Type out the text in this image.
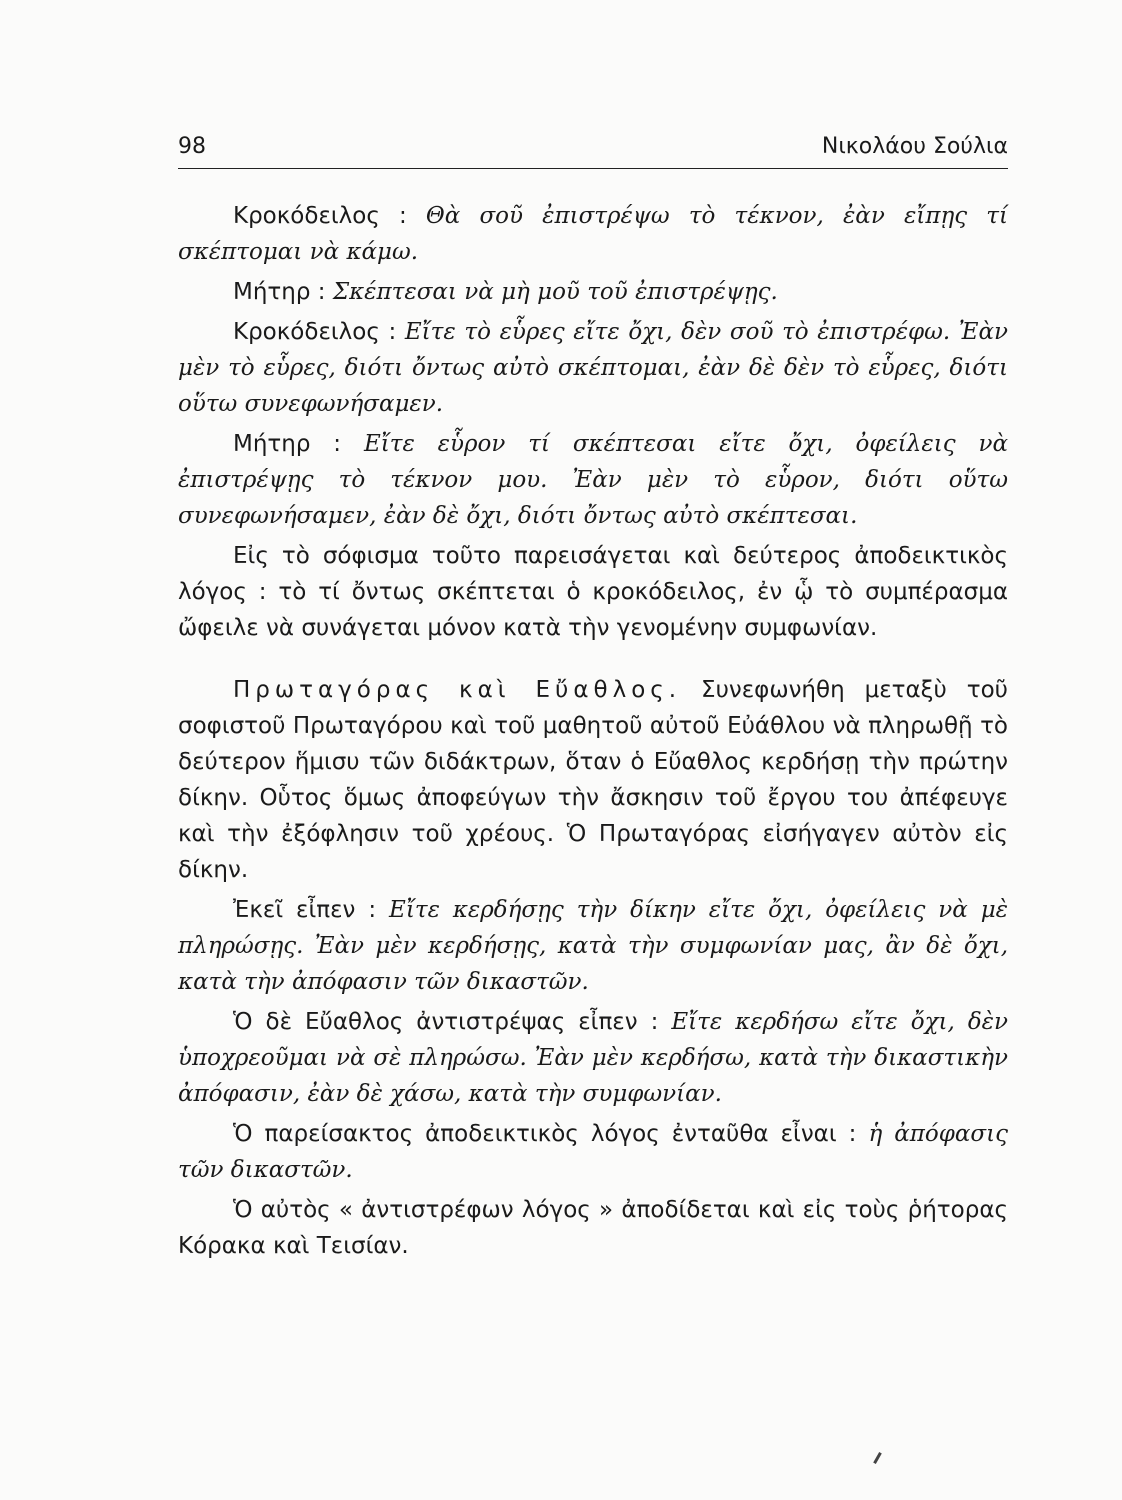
98	Νικολάου Σούλια

Κροκόδειλος : Θὰ σοῦ ἐπιστρέψω τὸ τέκνον, ἐὰν εἴπῃς τί σκέπτομαι νὰ κάμω.

Μήτηρ : Σκέπτεσαι νὰ μὴ μοῦ τοῦ ἐπιστρέψῃς.

Κροκόδειλος : Εἴτε τὸ εὗρες εἴτε ὄχι, δὲν σοῦ τὸ ἐπιστρέφω. Ἐὰν μὲν τὸ εὗρες, διότι ὄντως αὐτὸ σκέπτομαι, ἐὰν δὲ δὲν τὸ εὗρες, διότι οὕτω συνεφωνήσαμεν.

Μήτηρ : Εἴτε εὗρον τί σκέπτεσαι εἴτε ὄχι, ὀφείλεις νὰ ἐπιστρέψῃς τὸ τέκνον μου. Ἐὰν μὲν τὸ εὗρον, διότι οὕτω συνεφωνήσαμεν, ἐὰν δὲ ὄχι, διότι ὄντως αὐτὸ σκέπτεσαι.

Εἰς τὸ σόφισμα τοῦτο παρεισάγεται καὶ δεύτερος ἀποδεικτικὸς λόγος : τὸ τί ὄντως σκέπτεται ὁ κροκόδειλος, ἐν ᾧ τὸ συμπέρασμα ὤφειλε νὰ συνάγεται μόνον κατὰ τὴν γενομένην συμφωνίαν.

Πρωταγόρας καὶ Εὔαθλος. Συνεφωνήθη μεταξὺ τοῦ σοφιστοῦ Πρωταγόρου καὶ τοῦ μαθητοῦ αὐτοῦ Εὐάθλου νὰ πληρωθῇ τὸ δεύτερον ἥμισυ τῶν διδάκτρων, ὅταν ὁ Εὔαθλος κερδήσῃ τὴν πρώτην δίκην. Οὗτος ὅμως ἀποφεύγων τὴν ἄσκησιν τοῦ ἔργου του ἀπέφευγε καὶ τὴν ἐξόφλησιν τοῦ χρέους. Ὁ Πρωταγόρας εἰσήγαγεν αὐτὸν εἰς δίκην.

Ἐκεῖ εἶπεν : Εἴτε κερδήσῃς τὴν δίκην εἴτε ὄχι, ὀφείλεις νὰ μὲ πληρώσῃς. Ἐὰν μὲν κερδήσῃς, κατὰ τὴν συμφωνίαν μας, ἂν δὲ ὄχι, κατὰ τὴν ἀπόφασιν τῶν δικαστῶν.

Ὁ δὲ Εὔαθλος ἀντιστρέψας εἶπεν : Εἴτε κερδήσω εἴτε ὄχι, δὲν ὑποχρεοῦμαι νὰ σὲ πληρώσω. Ἐὰν μὲν κερδήσω, κατὰ τὴν δικαστικὴν ἀπόφασιν, ἐὰν δὲ χάσω, κατὰ τὴν συμφωνίαν.

Ὁ παρείσακτος ἀποδεικτικὸς λόγος ἐνταῦθα εἶναι : ἡ ἀπόφασις τῶν δικαστῶν.

Ὁ αὐτὸς « ἀντιστρέφων λόγος » ἀποδίδεται καὶ εἰς τοὺς ῥήτορας Κόρακα καὶ Τεισίαν.
